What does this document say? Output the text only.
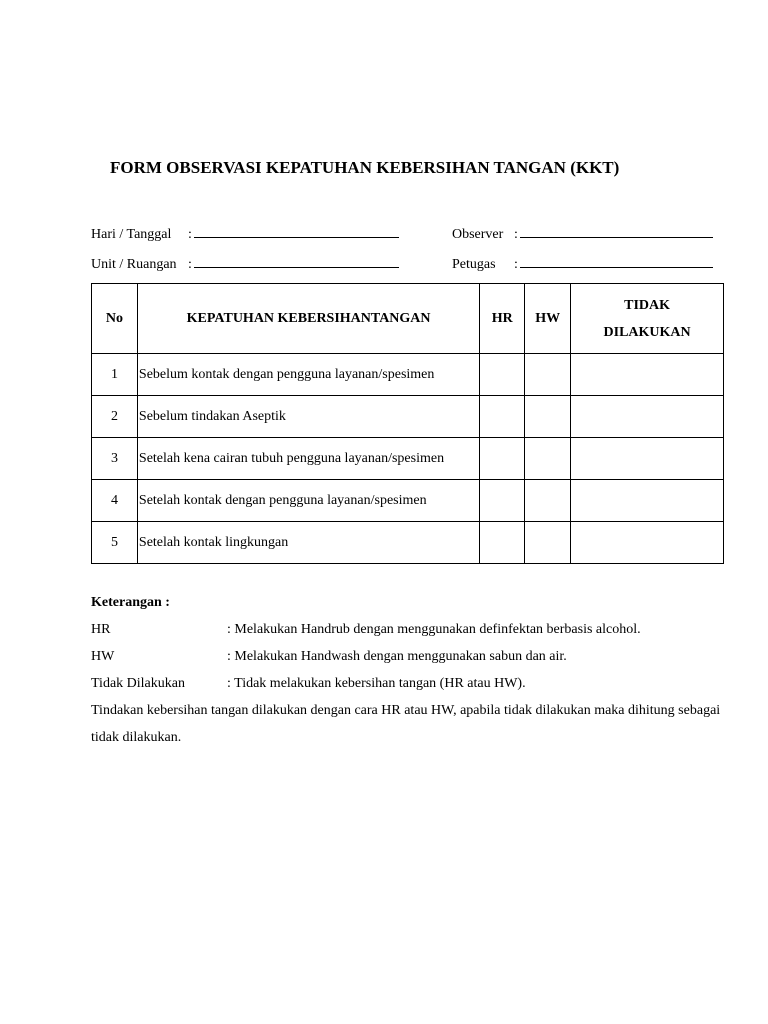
FORM OBSERVASI KEPATUHAN KEBERSIHAN TANGAN (KKT)
Hari / Tanggal	:
Unit / Ruangan :
Observer :
Petugas	:
No	KEPATUHAN KEBERSIHANTANGAN	HR	HW	TIDAK
DILAKUKAN
1	Sebelum kontak dengan pengguna layanan/spesimen			
2	Sebelum tindakan Aseptik			
3	Setelah kena cairan tubuh pengguna layanan/spesimen			
4	Setelah kontak dengan pengguna layanan/spesimen			
5	Setelah kontak lingkungan			
Keterangan :
HR	: Melakukan Handrub dengan menggunakan definfektan berbasis alcohol.
HW	: Melakukan Handwash dengan menggunakan sabun dan air.
Tidak Dilakukan	: Tidak melakukan kebersihan tangan (HR atau HW).
Tindakan kebersihan tangan dilakukan dengan cara HR atau HW, apabila tidak dilakukan maka dihitung sebagai tidak dilakukan.
